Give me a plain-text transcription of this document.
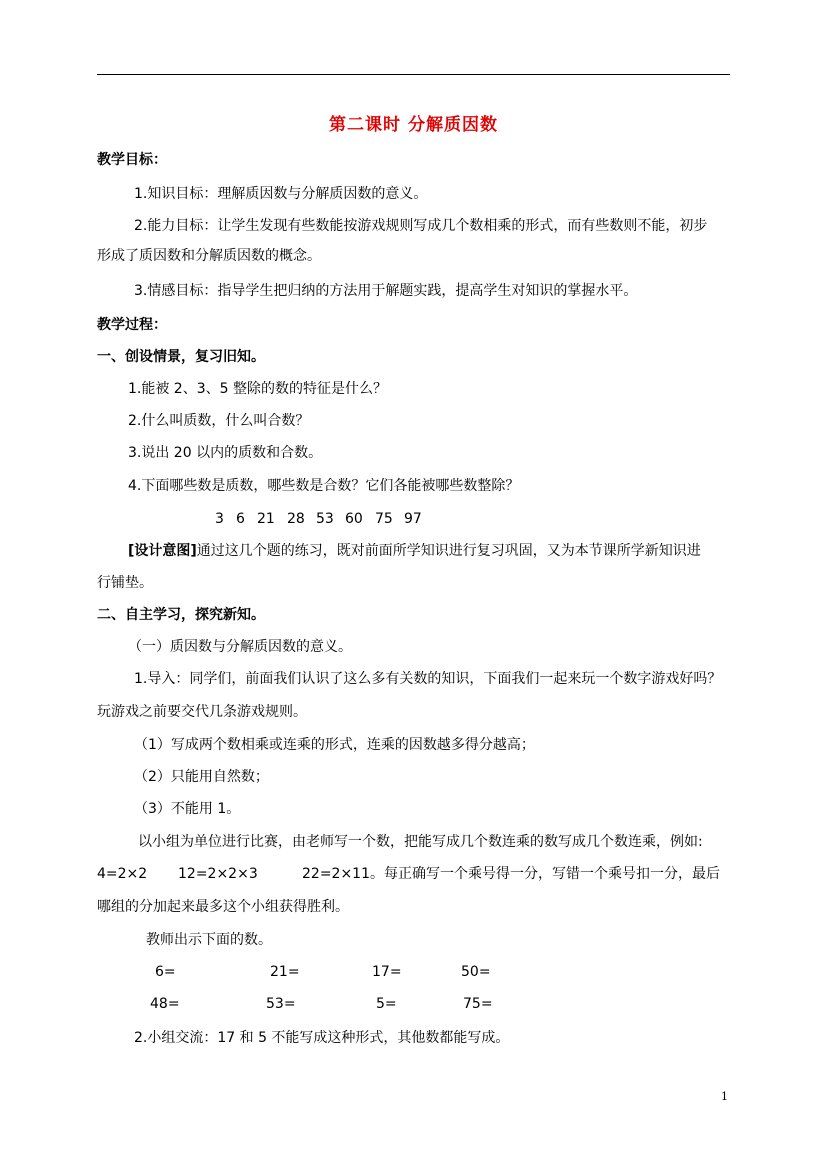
第二课时 分解质因数
教学目标：
1.知识目标：理解质因数与分解质因数的意义。
2.能力目标：让学生发现有些数能按游戏规则写成几个数相乘的形式，而有些数则不能，初步
形成了质因数和分解质因数的概念。
3.情感目标：指导学生把归纳的方法用于解题实践，提高学生对知识的掌握水平。
教学过程：
一、创设情景，复习旧知。
1.能被 2、3、5 整除的数的特征是什么？
2.什么叫质数，什么叫合数？
3.说出 20 以内的质数和合数。
4.下面哪些数是质数，哪些数是合数？它们各能被哪些数整除？
3 6 21 28 53 60 75 97
[设计意图]通过这几个题的练习，既对前面所学知识进行复习巩固，又为本节课所学新知识进
行铺垫。
二、自主学习，探究新知。
（一）质因数与分解质因数的意义。
1.导入：同学们，前面我们认识了这么多有关数的知识，下面我们一起来玩一个数字游戏好吗？
玩游戏之前要交代几条游戏规则。
（1）写成两个数相乘或连乘的形式，连乘的因数越多得分越高；
（2）只能用自然数；
（3）不能用 1。
以小组为单位进行比赛，由老师写一个数，把能写成几个数连乘的数写成几个数连乘，例如:
4=2×2 12=2×2×3	22=2×11。每正确写一个乘号得一分，写错一个乘号扣一分，最后
哪组的分加起来最多这个小组获得胜利。
教师出示下面的数。
6=	21=	17=	50=
48=	53=	5=	75=
2.小组交流：17 和 5 不能写成这种形式，其他数都能写成。
1
